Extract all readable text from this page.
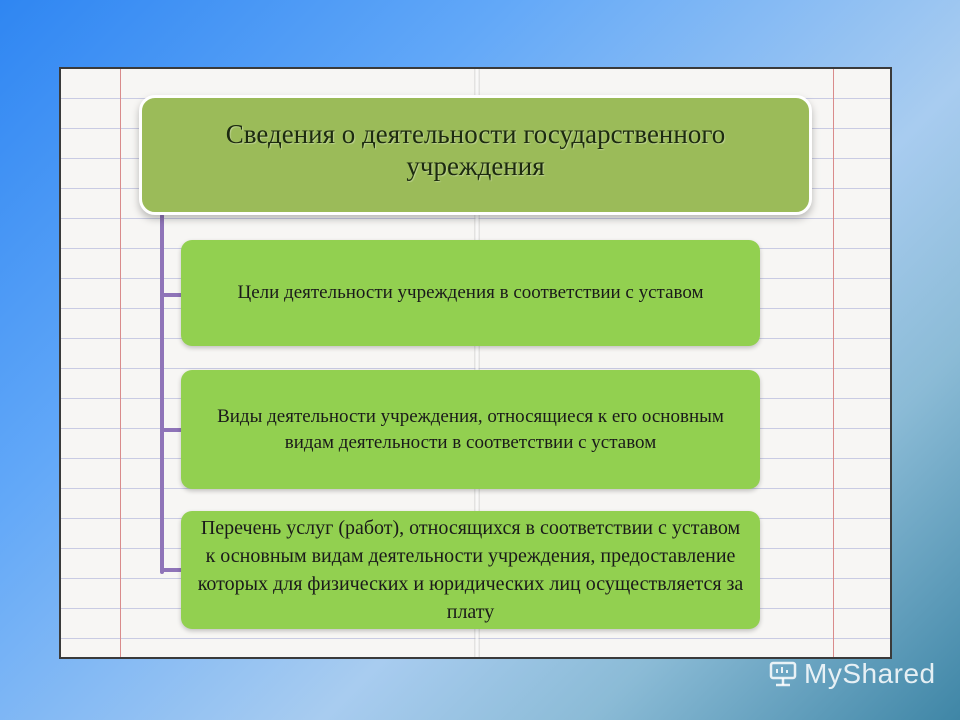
Сведения о деятельности государственного учреждения
Цели деятельности учреждения в соответствии с уставом
Виды деятельности учреждения, относящиеся к его основным видам деятельности в соответствии с уставом
Перечень услуг (работ), относящихся в соответствии с уставом к основным видам деятельности учреждения, предоставление которых для физических и юридических лиц осуществляется за плату
MyShared
